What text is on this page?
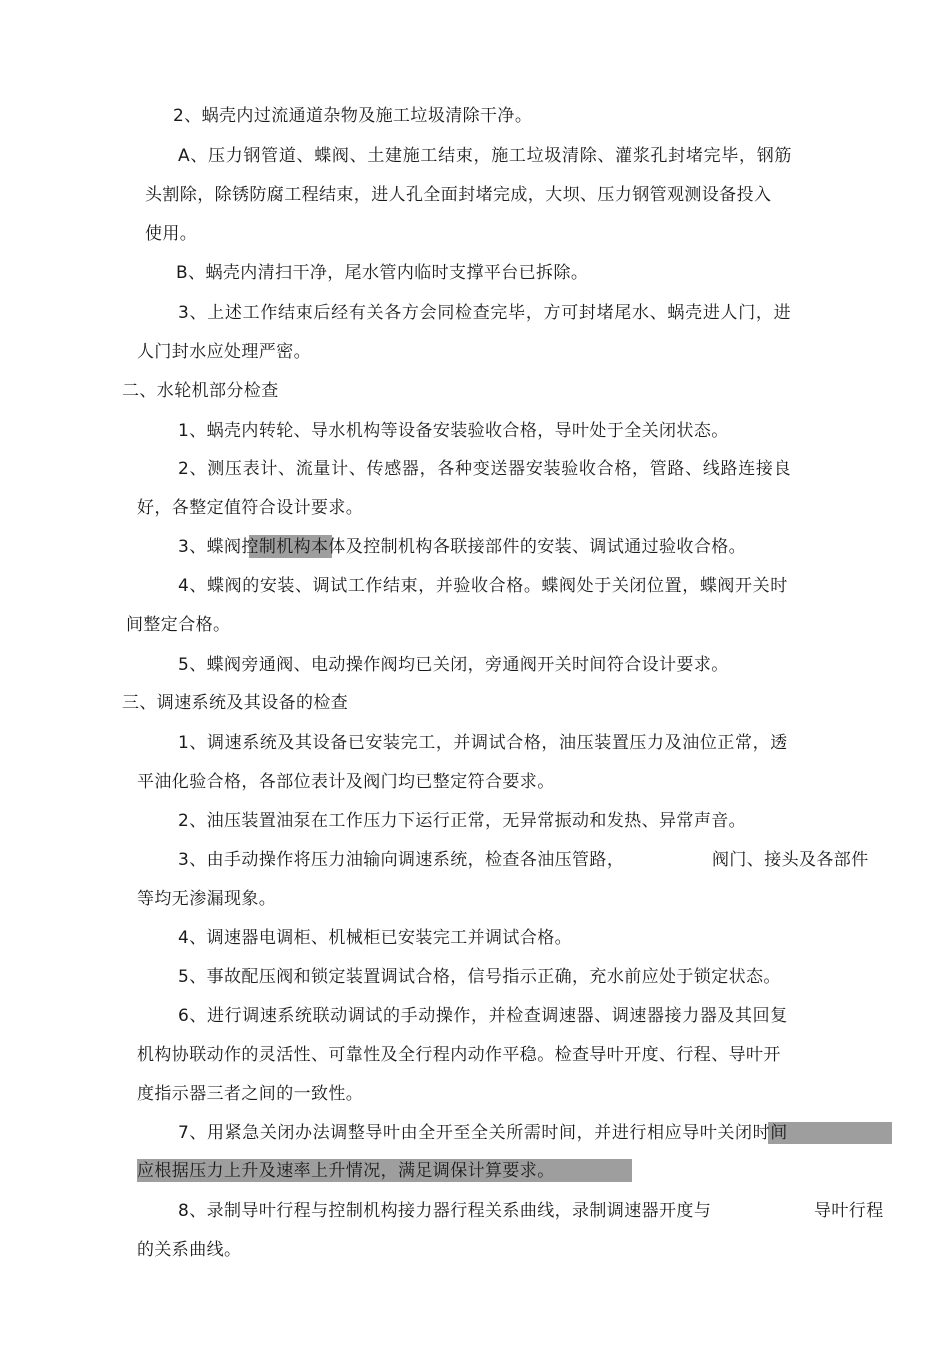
2、蜗壳内过流通道杂物及施工垃圾清除干净。
A、压力钢管道、蝶阀、土建施工结束，施工垃圾清除、灌浆孔封堵完毕，钢筋
头割除，除锈防腐工程结束，进人孔全面封堵完成，大坝、压力钢管观测设备投入
使用。
B、蜗壳内清扫干净，尾水管内临时支撑平台已拆除。
3、上述工作结束后经有关各方会同检查完毕，方可封堵尾水、蜗壳进人门，进
人门封水应处理严密。
二、水轮机部分检查
1、蜗壳内转轮、导水机构等设备安装验收合格，导叶处于全关闭状态。
2、测压表计、流量计、传感器，各种变送器安装验收合格，管路、线路连接良
好，各整定值符合设计要求。
3、蝶阀控制机构本体及控制机构各联接部件的安装、调试通过验收合格。
4、蝶阀的安装、调试工作结束，并验收合格。蝶阀处于关闭位置，蝶阀开关时
间整定合格。
5、蝶阀旁通阀、电动操作阀均已关闭，旁通阀开关时间符合设计要求。
三、调速系统及其设备的检查
1、调速系统及其设备已安装完工，并调试合格，油压装置压力及油位正常，透
平油化验合格，各部位表计及阀门均已整定符合要求。
2、油压装置油泵在工作压力下运行正常，无异常振动和发热、异常声音。
3、由手动操作将压力油输向调速系统，检查各油压管路，	阀门、接头及各部件
等均无渗漏现象。
4、调速器电调柜、机械柜已安装完工并调试合格。
5、事故配压阀和锁定装置调试合格，信号指示正确，充水前应处于锁定状态。
6、进行调速系统联动调试的手动操作，并检查调速器、调速器接力器及其回复
机构协联动作的灵活性、可靠性及全行程内动作平稳。检查导叶开度、行程、导叶开
度指示器三者之间的一致性。
7、用紧急关闭办法调整导叶由全开至全关所需时间，并进行相应导叶关闭时间
应根据压力上升及速率上升情况，满足调保计算要求。
8、录制导叶行程与控制机构接力器行程关系曲线，录制调速器开度与	导叶行程
的关系曲线。
